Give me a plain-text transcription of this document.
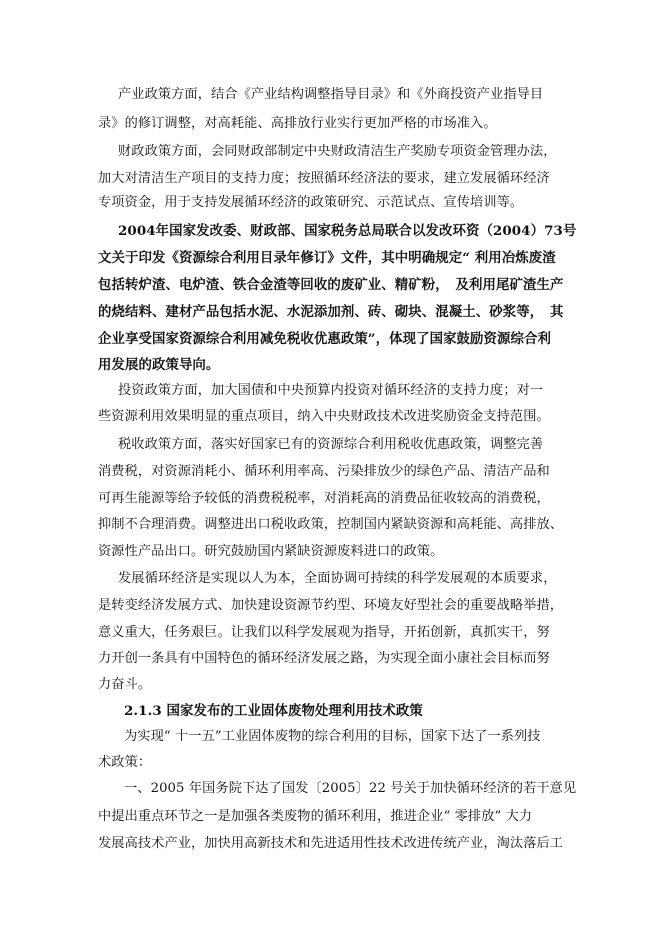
产业政策方面，结合《产业结构调整指导目录》和《外商投资产业指导目
录》的修订调整，对高耗能、高排放行业实行更加严格的市场准入。
财政政策方面，会同财政部制定中央财政清洁生产奖励专项资金管理办法，
加大对清洁生产项目的支持力度；按照循环经济法的要求，建立发展循环经济
专项资金，用于支持发展循环经济的政策研究、示范试点、宣传培训等。
2004年国家发改委、财政部、国家税务总局联合以发改环资（2004）73号
文关于印发《资源综合利用目录年修订》文件，其中明确规定“ 利用冶炼废渣
包括转炉渣、电炉渣、铁合金渣等回收的废矿业、精矿粉，　及利用尾矿渣生产
的烧结料、建材产品包括水泥、水泥添加剂、砖、砌块、混凝土、砂浆等，　其
企业享受国家资源综合利用减免税收优惠政策”，体现了国家鼓励资源综合利
用发展的政策导向。
投资政策方面，加大国债和中央预算内投资对循环经济的支持力度；对一
些资源利用效果明显的重点项目，纳入中央财政技术改进奖励资金支持范围。
税收政策方面，落实好国家已有的资源综合利用税收优惠政策，调整完善
消费税，对资源消耗小、循环利用率高、污染排放少的绿色产品、清洁产品和
可再生能源等给予较低的消费税税率，对消耗高的消费品征收较高的消费税，
抑制不合理消费。调整进出口税收政策，控制国内紧缺资源和高耗能、高排放、
资源性产品出口。研究鼓励国内紧缺资源废料进口的政策。
发展循环经济是实现以人为本，全面协调可持续的科学发展观的本质要求，
是转变经济发展方式、加快建设资源节约型、环境友好型社会的重要战略举措，
意义重大，任务艰巨。让我们以科学发展观为指导，开拓创新，真抓实干，努
力开创一条具有中国特色的循环经济发展之路，为实现全面小康社会目标而努
力奋斗。
2.1.3 国家发布的工业固体废物处理利用技术政策
为实现“ 十一五”工业固体废物的综合利用的目标，国家下达了一系列技
术政策：
一、2005 年国务院下达了国发〔2005〕22 号关于加快循环经济的若干意见
中提出重点环节之一是加强各类废物的循环利用，推进企业“ 零排放” 大力
发展高技术产业，加快用高新技术和先进适用性技术改进传统产业，淘汰落后工
